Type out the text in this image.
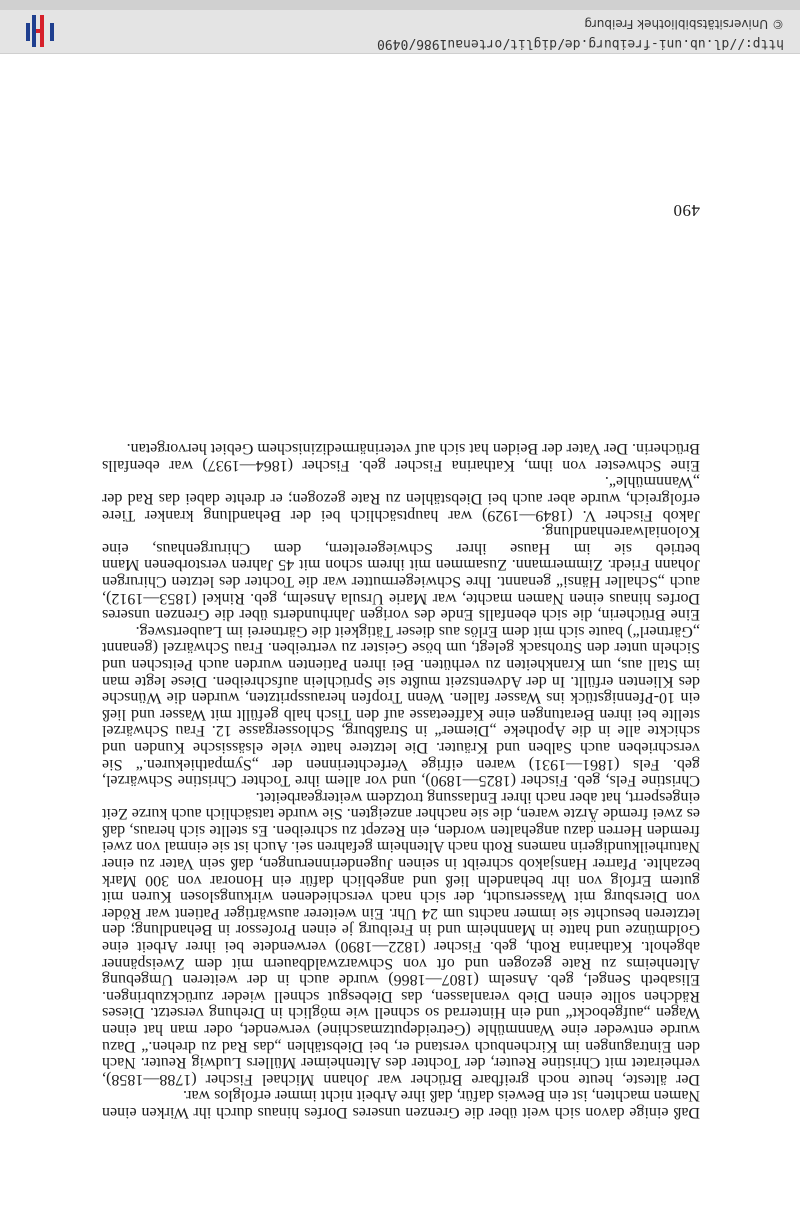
Daß einige davon sich weit über die Grenzen unseres Dorfes hinaus durch ihr Wirken einen Namen machten, ist ein Beweis dafür, daß ihre Arbeit nicht immer erfolglos war.

Der älteste, heute noch greifbare Brücher war Johann Michael Fischer (1788—1858), verheiratet mit Christine Reuter, der Tochter des Altenheimer Müllers Ludwig Reuter. Nach den Eintragungen im Kirchenbuch verstand er, bei Diebstählen „das Rad zu drehen.“ Dazu wurde entweder eine Wannmühle (Getreideputzmaschine) verwendet, oder man hat einen Wagen „aufgebockt“ und ein Hinterrad so schnell wie möglich in Drehung versetzt. Dieses Rädchen sollte einen Dieb veranlassen, das Diebesgut schnell wieder zurückzubringen. Elisabeth Sengel, geb. Anselm (1807—1866) wurde auch in der weiteren Umgebung Altenheims zu Rate gezogen und oft von Schwarzwaldbauern mit dem Zweispänner abgeholt. Katharina Roth, geb. Fischer (1822—1890) verwendete bei ihrer Arbeit eine Goldmünze und hatte in Mannheim und in Freiburg je einen Professor in Behandlung; den letzteren besuchte sie immer nachts um 24 Uhr. Ein weiterer auswärtiger Patient war Röder von Diersburg mit Wassersucht, der sich nach verschiedenen wirkungslosen Kuren mit gutem Erfolg von ihr behandeln ließ und angeblich dafür ein Honorar von 300 Mark bezahlte. Pfarrer Hansjakob schreibt in seinen Jugenderinnerungen, daß sein Vater zu einer Naturheilkundigerin namens Roth nach Altenheim gefahren sei. Auch ist sie einmal von zwei fremden Herren dazu angehalten worden, ein Rezept zu schreiben. Es stellte sich heraus, daß es zwei fremde Ärzte waren, die sie nachher anzeigten. Sie wurde tatsächlich auch kurze Zeit eingesperrt, hat aber nach ihrer Entlassung trotzdem weitergearbeitet.

Christine Fels, geb. Fischer (1825—1890), und vor allem ihre Tochter Christine Schwärzel, geb. Fels (1861—1931) waren eifrige Verfechterinnen der „Sympathiekuren.“ Sie verschrieben auch Salben und Kräuter. Die letztere hatte viele elsässische Kunden und schickte alle in die Apotheke „Diemer“ in Straßburg, Schlossergasse 12. Frau Schwärzel stellte bei ihren Beratungen eine Kaffeetasse auf den Tisch halb gefüllt mit Wasser und ließ ein 10-Pfennigstück ins Wasser fallen. Wenn Tropfen herausspritzten, wurden die Wünsche des Klienten erfüllt. In der Adventszeit mußte sie Sprüchlein aufschreiben. Diese legte man im Stall aus, um Krankheiten zu verhüten. Bei ihren Patienten wurden auch Peitschen und Sicheln unter den Strohsack gelegt, um böse Geister zu vertreiben. Frau Schwärzel (genannt „Gärtnerl“) baute sich mit dem Erlös aus dieser Tätigkeit die Gärtnerei im Laubertsweg.

Eine Brücherin, die sich ebenfalls Ende des vorigen Jahrhunderts über die Grenzen unseres Dorfes hinaus einen Namen machte, war Marie Ursula Anselm, geb. Rinkel (1853—1912), auch „Schaller Hänsi“ genannt. Ihre Schwiegermutter war die Tochter des letzten Chirurgen Johann Friedr. Zimmermann. Zusammen mit ihrem schon mit 45 Jahren verstorbenen Mann betrieb sie im Hause ihrer Schwiegereltern, dem Chirurgenhaus, eine Kolonialwarenhandlung.

Jakob Fischer V. (1849—1929) war hauptsächlich bei der Behandlung kranker Tiere erfolgreich, wurde aber auch bei Diebstählen zu Rate gezogen; er drehte dabei das Rad der „Wannmühle“.

Eine Schwester von ihm, Katharina Fischer geb. Fischer (1864—1937) war ebenfalls Brücherin. Der Vater der Beiden hat sich auf veterinärmedizinischem Gebiet hervorgetan.

490
http://dl.ub.uni-freiburg.de/diglit/ortenau1986/0490
© Universitätsbibliothek Freiburg
